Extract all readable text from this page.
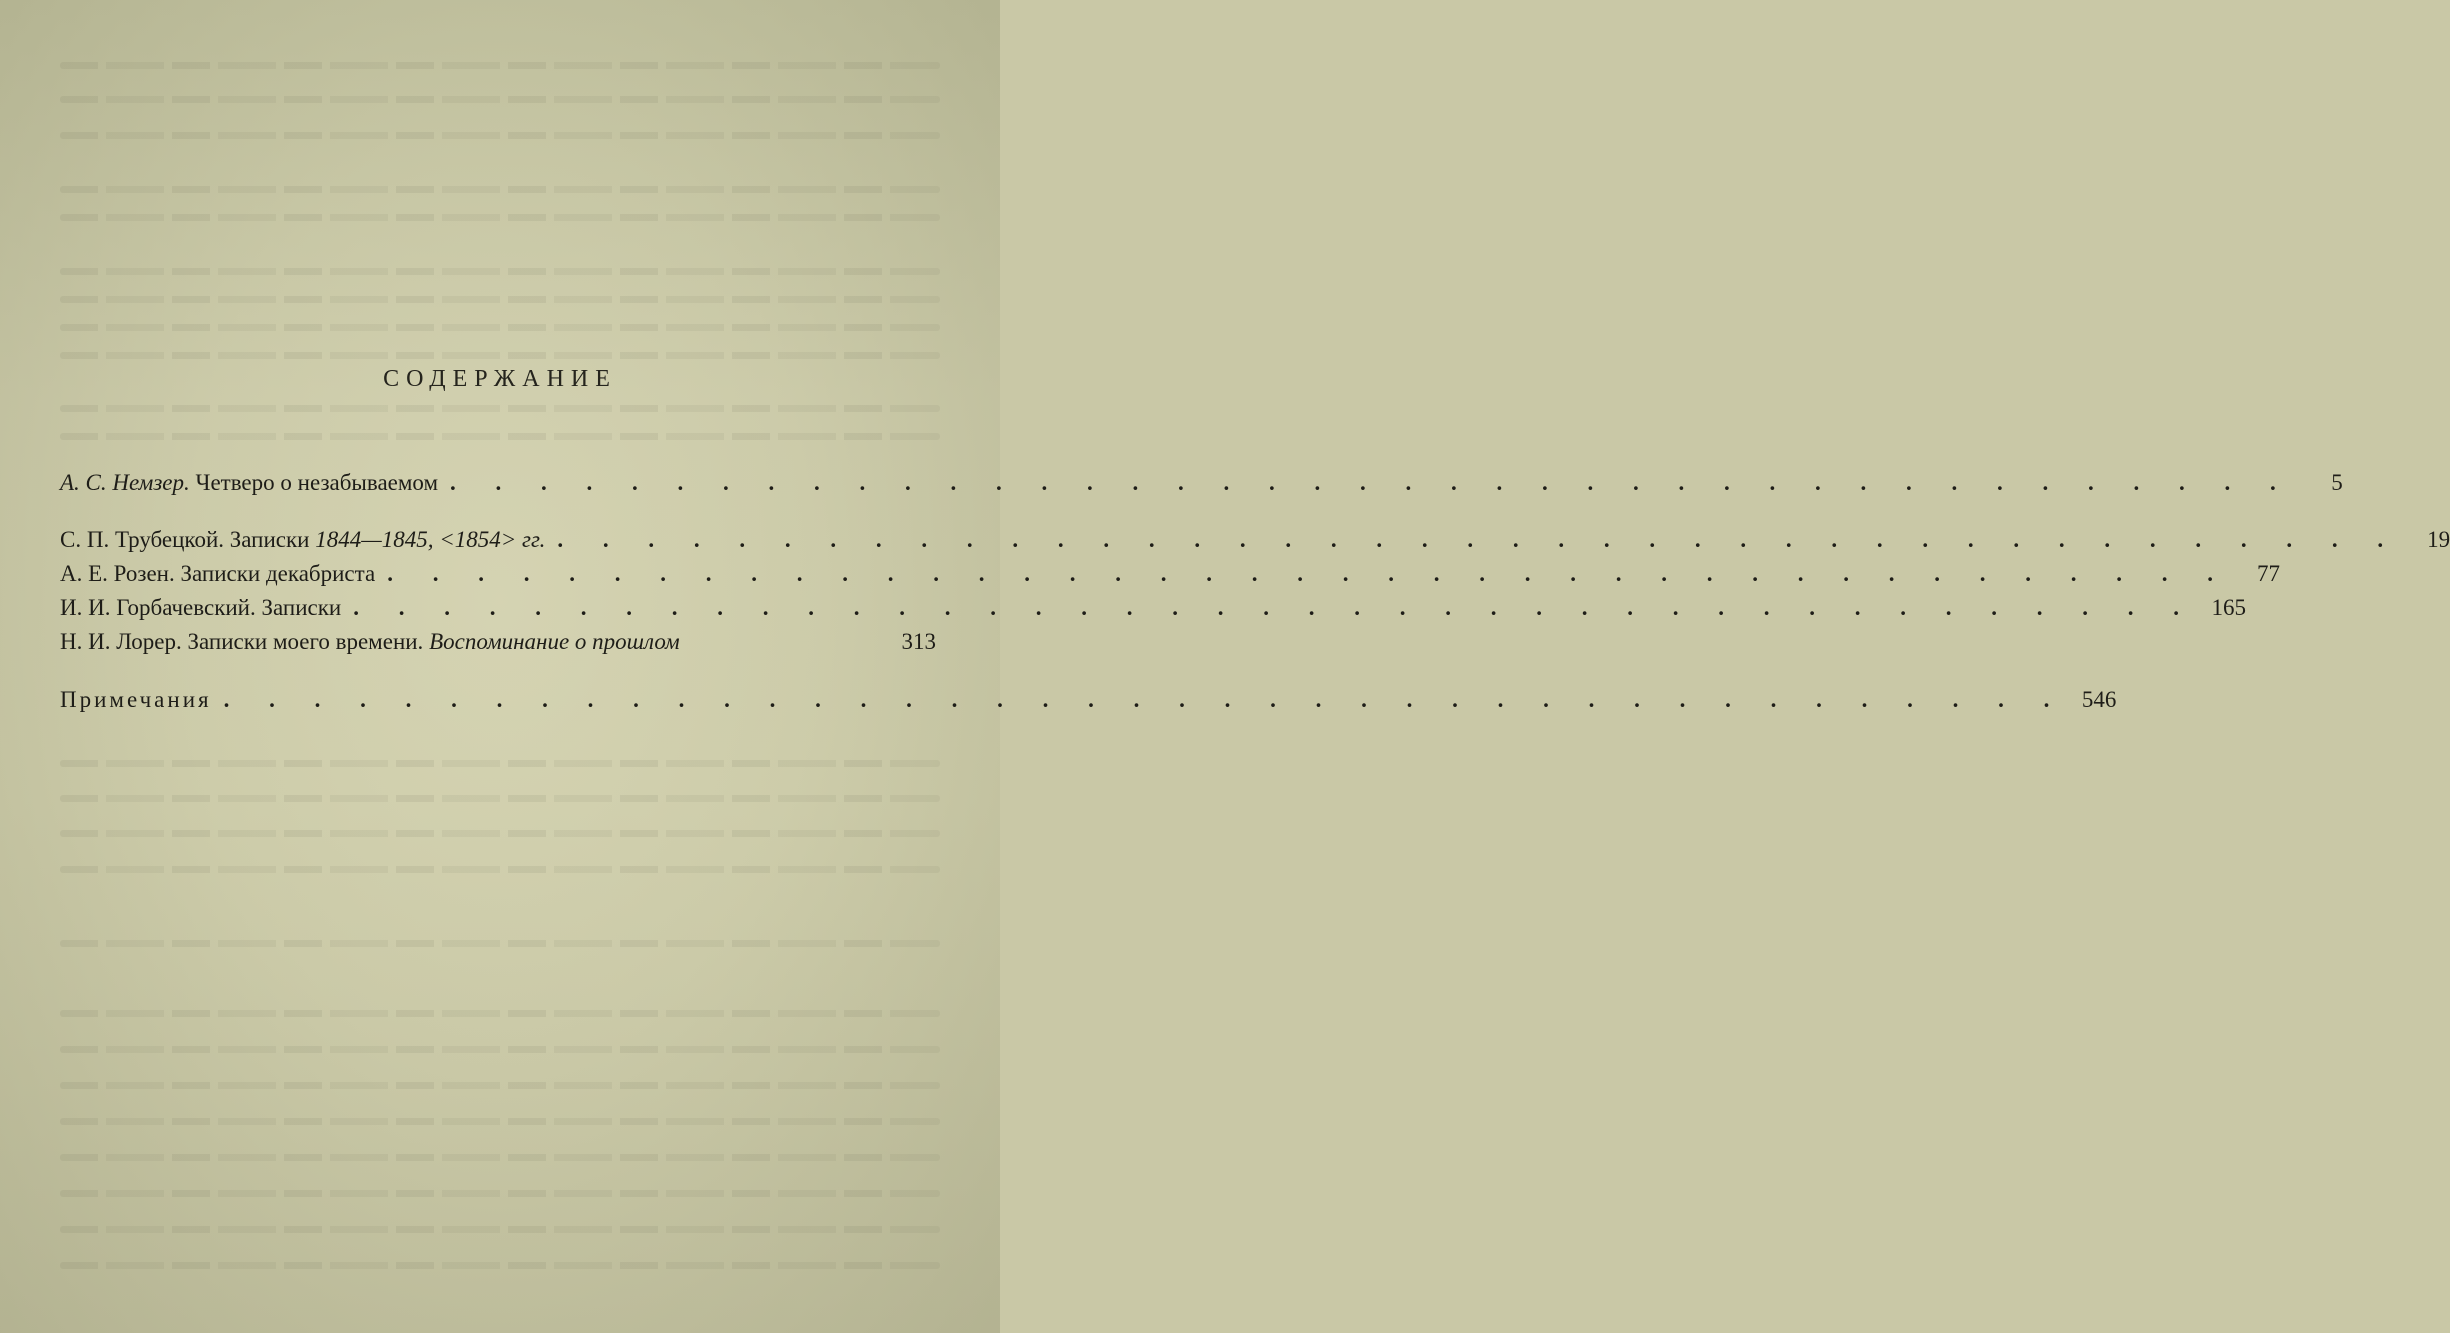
СОДЕРЖАНИЕ
А. С. Немзер. Четверо о незабываемом . . . . . . . . . . . . . . . . . . . . . . . . . . . . . . . . . . . . . . . . .	5
С. П. Трубецкой. Записки 1844—1845, <1854> гг. . . . . . . . . . . . . . . . . . . . . . . . . . . . . . . . . . . . . . . . . .	19
А. Е. Розен. Записки декабриста . . . . . . . . . . . . . . . . . . . . . . . . . . . . . . . . . . . . . . . . .	77
И. И. Горбачевский. Записки . . . . . . . . . . . . . . . . . . . . . . . . . . . . . . . . . . . . . . . . . 165
Н. И. Лорер. Записки моего времени. Воспоминание о прошлом	313
Примечания . . . . . . . . . . . . . . . . . . . . . . . . . . . . . . . . . . . . . . . . . 546
